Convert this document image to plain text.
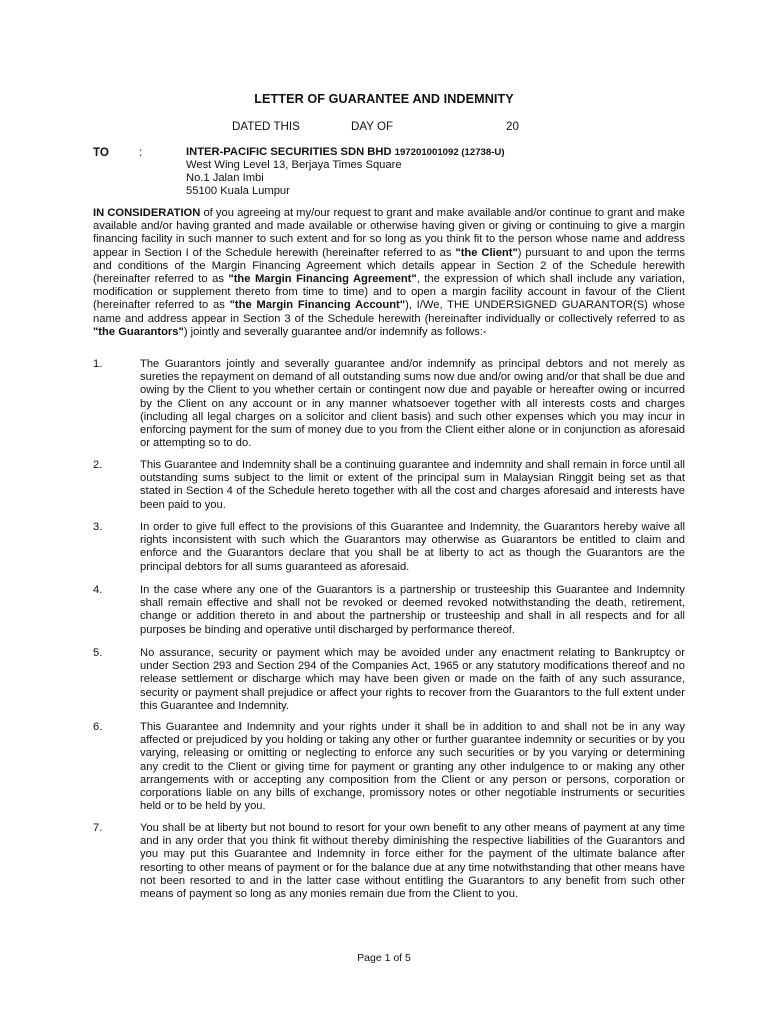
LETTER OF GUARANTEE AND INDEMNITY
DATED THIS	DAY OF	20
TO	:	INTER-PACIFIC SECURITIES SDN BHD 197201001092 (12738-U)
West Wing Level 13, Berjaya Times Square
No.1 Jalan Imbi
55100 Kuala Lumpur

IN CONSIDERATION of you agreeing at my/our request to grant and make available and/or continue to grant and make available and/or having granted and made available or otherwise having given or giving or continuing to give a margin financing facility in such manner to such extent and for so long as you think fit to the person whose name and address appear in Section I of the Schedule herewith (hereinafter referred to as "the Client") pursuant to and upon the terms and conditions of the Margin Financing Agreement which details appear in Section 2 of the Schedule herewith (hereinafter referred to as "the Margin Financing Agreement", the expression of which shall include any variation, modification or supplement thereto from time to time) and to open a margin facility account in favour of the Client (hereinafter referred to as "the Margin Financing Account"), I/We, THE UNDERSIGNED GUARANTOR(S) whose name and address appear in Section 3 of the Schedule herewith (hereinafter individually or collectively referred to as "the Guarantors") jointly and severally guarantee and/or indemnify as follows:-

1.	The Guarantors jointly and severally guarantee and/or indemnify as principal debtors and not merely as sureties the repayment on demand of all outstanding sums now due and/or owing and/or that shall be due and owing by the Client to you whether certain or contingent now due and payable or hereafter owing or incurred by the Client on any account or in any manner whatsoever together with all interests costs and charges (including all legal charges on a solicitor and client basis) and such other expenses which you may incur in enforcing payment for the sum of money due to you from the Client either alone or in conjunction as aforesaid or attempting so to do.
2.	This Guarantee and Indemnity shall be a continuing guarantee and indemnity and shall remain in force until all outstanding sums subject to the limit or extent of the principal sum in Malaysian Ringgit being set as that stated in Section 4 of the Schedule hereto together with all the cost and charges aforesaid and interests have been paid to you.
3.	In order to give full effect to the provisions of this Guarantee and Indemnity, the Guarantors hereby waive all rights inconsistent with such which the Guarantors may otherwise as Guarantors be entitled to claim and enforce and the Guarantors declare that you shall be at liberty to act as though the Guarantors are the principal debtors for all sums guaranteed as aforesaid.
4.	In the case where any one of the Guarantors is a partnership or trusteeship this Guarantee and Indemnity shall remain effective and shall not be revoked or deemed revoked notwithstanding the death, retirement, change or addition thereto in and about the partnership or trusteeship and shall in all respects and for all purposes be binding and operative until discharged by performance thereof.
5.	No assurance, security or payment which may be avoided under any enactment relating to Bankruptcy or under Section 293 and Section 294 of the Companies Act, 1965 or any statutory modifications thereof and no release settlement or discharge which may have been given or made on the faith of any such assurance, security or payment shall prejudice or affect your rights to recover from the Guarantors to the full extent under this Guarantee and Indemnity.
6.	This Guarantee and Indemnity and your rights under it shall be in addition to and shall not be in any way affected or prejudiced by you holding or taking any other or further guarantee indemnity or securities or by you varying, releasing or omitting or neglecting to enforce any such securities or by you varying or determining any credit to the Client or giving time for payment or granting any other indulgence to or making any other arrangements with or accepting any composition from the Client or any person or persons, corporation or corporations liable on any bills of exchange, promissory notes or other negotiable instruments or securities held or to be held by you.
7.	You shall be at liberty but not bound to resort for your own benefit to any other means of payment at any time and in any order that you think fit without thereby diminishing the respective liabilities of the Guarantors and you may put this Guarantee and Indemnity in force either for the payment of the ultimate balance after resorting to other means of payment or for the balance due at any time notwithstanding that other means have not been resorted to and in the latter case without entitling the Guarantors to any benefit from such other means of payment so long as any monies remain due from the Client to you.
Page 1 of 5
